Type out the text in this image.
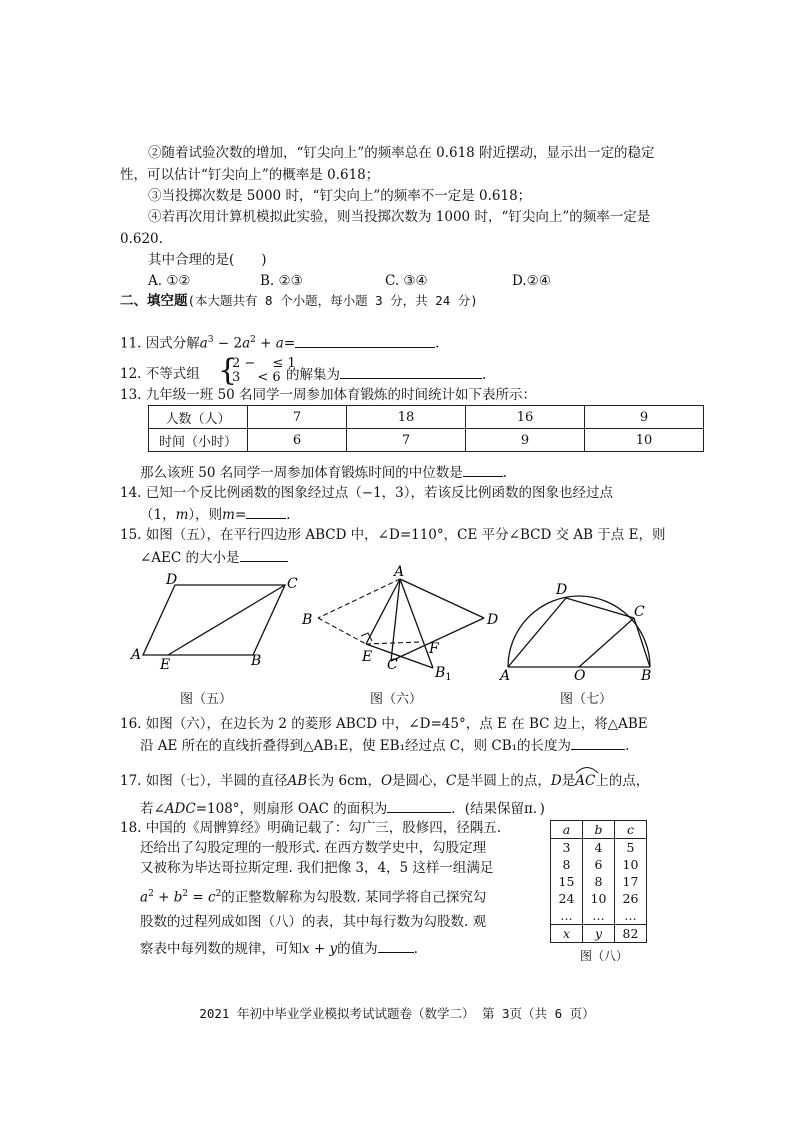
②随着试验次数的增加，“钉尖向上”的频率总在 0.618 附近摆动，显示出一定的稳定
性，可以估计“钉尖向上”的概率是 0.618；
③当投掷次数是 5000 时，“钉尖向上”的频率不一定是 0.618；
④若再次用计算机模拟此实验，则当投掷次数为 1000 时，“钉尖向上”的频率一定是
0.620.
其中合理的是(　　)
A. ①②	B. ②③	C. ③④	D.②④
二、填空题(本大题共有 8 个小题，每小题 3 分，共 24 分)
11. 因式分解$a^3 - 2a^2 + a=$	.
12. 不等式组 {
2 −　 ≤ 1
3　 < 6 的解集为	.
13. 九年级一班 50 名同学一周参加体育锻炼的时间统计如下表所示：
人数（人）	7	18	16	9
时间（小时）	6	7	9	10
那么该班 50 名同学一周参加体育锻炼时间的中位数是	.
14. 已知一个反比例函数的图象经过点（−1，3），若该反比例函数的图象也经过点
（1，m），则m=	.
15. 如图（五），在平行四边形 ABCD 中，∠D=110°，CE 平分∠BCD 交 AB 于点 E，则
∠AEC 的大小是
D	C
A
E	B
图（五）
A
B	D
E	F
C	$B_1$
图（六）
D
C
A	O	B
图（七）
16. 如图（六），在边长为 2 的菱形 ABCD 中，∠D=45°，点 E 在 BC 边上，将△ABE
沿 AE 所在的直线折叠得到△AB₁E，使 EB₁经过点 C，则 CB₁的长度为	.
17. 如图（七），半圆的直径AB长为 6cm，O是圆心，C是半圆上的点，D是
AC上的点，
若∠ADC=108°，则扇形 OAC 的面积为	．(结果保留π．)
18. 中国的《周髀算经》明确记载了：勾广三，股修四，径隅五.
还给出了勾股定理的一般形式. 在西方数学史中，勾股定理
又被称为毕达哥拉斯定理. 我们把像 3，4，5 这样一组满足
$a^2 + b^2 = c^2$的正整数解称为勾股数. 某同学将自己探究勾
股数的过程列成如图（八）的表，其中每行数为勾股数. 观
察表中每列数的规律，可知x + y的值为	.
a	b	c
3	4	5
8	6	10
15	8	17
24	10	26
…	…	…
x	y	82
图（八）
2021 年初中毕业学业模拟考试试题卷（数学二） 第 3页（共 6 页）
